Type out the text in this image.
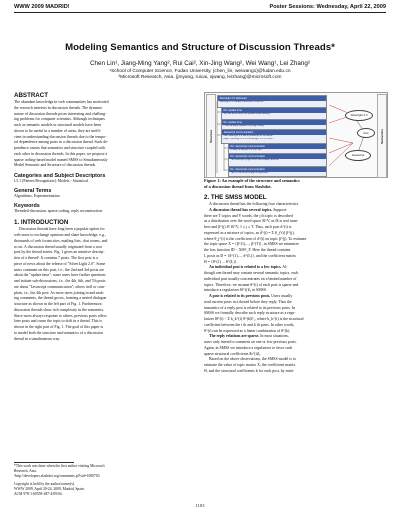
WWW 2009 MADRID!	Poster Sessions: Wednesday, April 22, 2009
Modeling Semantics and Structure of Discussion Threads*
Chen Lin¹, Jiang-Ming Yang², Rui Cai², Xin-Jing Wang², Wei Wang¹, Lei Zhang²
¹School of Computer Science, Fudan University, {chen_lin, weiwang1}@fudan.edu.cn
²Microsoft Research, Asia. {jmyang, ruicai, xjwang, leizhang}@microsoft.com
ABSTRACT
The abundant knowledge in web communities has motivated
the research interests in discussion threads. The dynamic
nature of discussion threads poses interesting and challeng-
ing problems for computer scientists. Although techniques
such as semantic models or structural models have been
shown to be useful in a number of areas, they are ineffi-
cient in understanding discussion threads due to the tempo-
ral dependence among posts in a discussion thread. Such de-
pendence causes that semantics and structure coupled with
each other in discussion threads. In this paper, we propose a
sparse coding-based model named SMSS to Simultaneously
Model Semantic and Structure of discussion threads.
Categories and Subject Descriptors
I.5.1 [Pattern Recognition]: Models - Statistical
General Terms
Algorithms, Experimentation
Keywords
Threaded discussion, sparse coding, reply reconstruction
1. INTRODUCTION
Discussion threads have long been a popular option for
web users to exchange opinions and share knowledge, e.g.,
thousands of web forum sites, mailing lists, chat rooms, and
so on. A discussion thread usually originated from a root
post by the thread starter. Fig. 1 gives an intuitive descrip-
tion of a thread¹. It contains 7 posts. The first post is a
piece of news about the release of "SilverLight 2.0". Some
users comment on this post, i.e., the 2nd and 3rd posts are
about the "update time"; some users have further questions
and initiate sub-discussions, i.e., the 4th, 6th, and 7th posts
are about "Javascript communication"; others troll or com-
plain, i.e., the 4th post. As more users joining in and mak-
ing comments, the thread grows, forming a nested dialogue
structure as shown in the left part of Fig. 1. Furthermore,
discussion threads show rich complexity in the semantics.
Since users always response to others, previous posts affect
later posts and cause the topic to drift in a thread. This is
shown in the right part of Fig. 1. The goal of this paper is
to model both the structure and semantics of a discussion
thread in a simultaneous way.
*This work was done when the first author visiting Microsoft
Research, Asia.
¹http://developers.slashdot.org/comments.pl?sid=1000703
Copyright is held by the author/owner(s).
WWW 2009, April 20-24, 2009, Madrid, Spain.
ACM 978-1-60558-487-4/09/04.
Structure
Silverlight 2.0 Released
Silverlight 2.0 release comes with a new UI...
Re: update time
Will IE5 and Firefox be updated automatically?
Re: update time
I have already updated the plugin today.
Javascript communication
Can Silverlight 2.0 talk to javascript on the same
page? Silverlight 2.0 is a Moonlight 1.0 for Linux...
Re: Javascript communication
It does, a sample is in the SDK.
Re: Javascript communication
The silverlight plugin is for the browser, and the
Re: Javascript communication
Yes, HTML DOM bridge is supported.
Silverlight 2.0
time
Javascript
Semantics
Figure 1: An example of the structure and semantics
of a discussion thread from Slashdot.
2. THE SMSS MODEL
A discussion thread has the following four characteristics.
A discussion thread has several topics. Suppose
there are T topics and V words, the j th topic is described
as a distribution over the word space ℝ^V, as ℝ is real num-
bers and β^(j) ∈ ℝ^V, 1 ≤ j ≤ T. Thus, each post d^(i) is
expressed as a mixture of topics, as d̂^(i) = Σ θ_j^(i) β^(j),
where θ_j^(i) is the coefficient of d^(i) on topic β^(j). To estimate
the topic space X = {β^(1),..., β^(T)}, in SMSS we minimize
the loss function ‖D − XΘ‖²_F. Here the thread contains
L posts as D = {d^(1),..., d^(L)}, and the coefficient matrix
Θ = {θ^(1) ... θ^(L)}.
An individual post is related to a few topics. Al-
though one thread may contain several semantic topics, each
individual post usually concentrates on a limited number of
topics. Therefore, we assume θ^(i) of each post is sparse and
introduce a regularizer ‖θ^(i)‖₁ in SMSS.
A post is related to its previous posts. Users usually
read current posts in a thread before they reply. Thus the
semantics of a reply post is related to its previous posts. In
SMSS we formally describe such reply structure as a regu-
larizer ‖θ^(i) − Σ b_k^(i) θ^(k)‖²₂, where b_k^(i) is the structural
coefficient between the i th and k th posts. In other words,
θ^(i) can be expressed as a linear combination of θ^(k).
The reply relations are sparse. In most situations,
users only intend to comment on one or few previous posts.
Again, in SMSS we introduce a regularizer to favor such
sparse structural coefficients ‖b^(i)‖₁.
Based on the above observations, the SMSS model is to
estimate the value of topic matrix X, the coefficient matrix
Θ, and the structural coefficients b for each post, by mini-
1103
